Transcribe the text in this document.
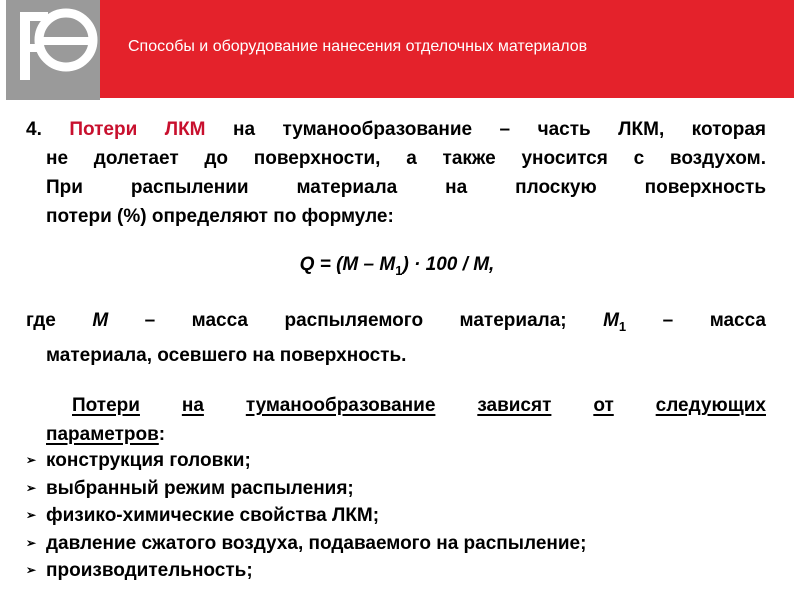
Способы и оборудование нанесения отделочных материалов
4. Потери ЛКМ на туманообразование – часть ЛКМ, которая
не долетает до поверхности, а также уносится с воздухом.
При распылении материала на плоскую поверхность
потери (%) определяют по формуле:
$Q = (M - M_1) \cdot 100 / M$,
где M – масса распыляемого материала; $M_1$ – масса
материала, осевшего на поверхность.
Потери на туманообразование зависят от следующих
параметров:
➢ конструкция головки;
➢ выбранный режим распыления;
➢ физико-химические свойства ЛКМ;
➢ давление сжатого воздуха, подаваемого на распыление;
➢ производительность;
